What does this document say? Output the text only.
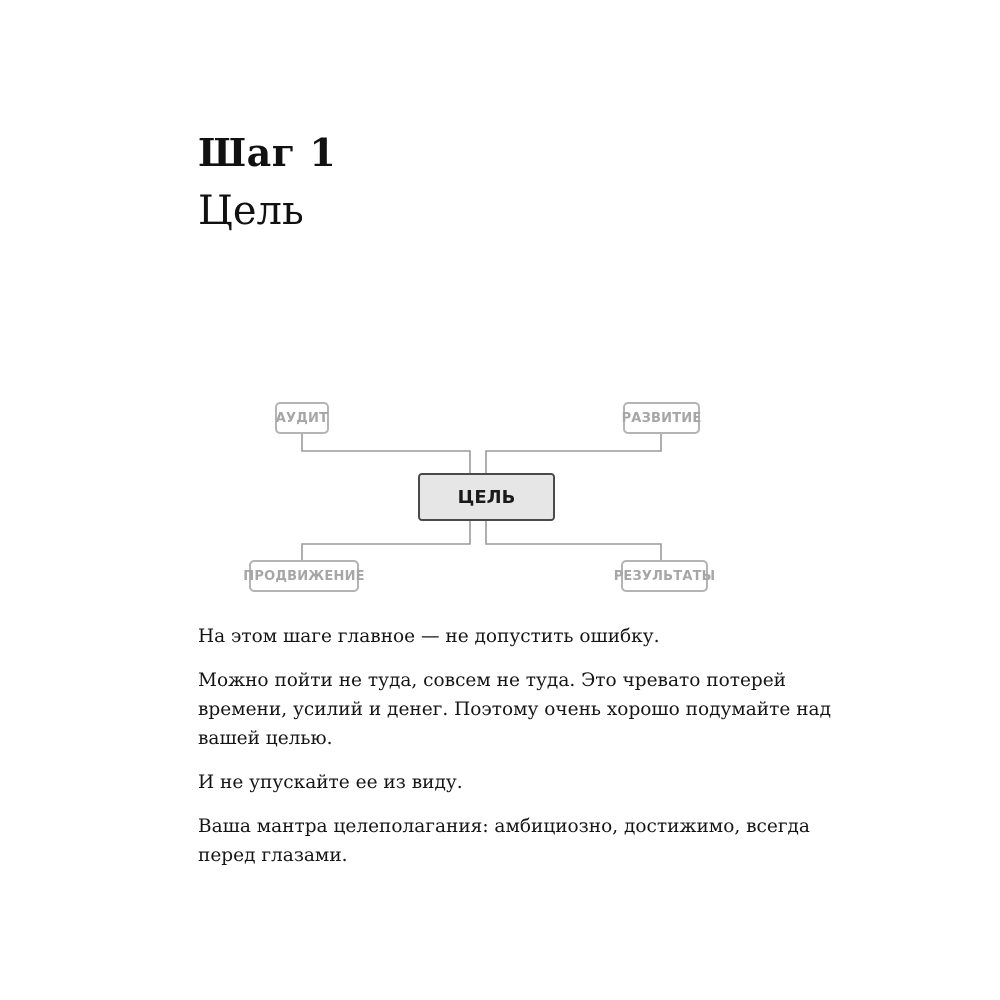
Шаг 1
Цель
АУДИТ	РАЗВИТИЕ
ЦЕЛЬ
ПРОДВИЖЕНИЕ	РЕЗУЛЬТАТЫ

На этом шаге главное — не допустить ошибку.

Можно пойти не туда, совсем не туда. Это чревато потерей времени, усилий и денег. Поэтому очень хорошо подумайте над вашей целью.

И не упускайте ее из виду.

Ваша мантра целеполагания: амбициозно, достижимо, всегда перед глазами.
